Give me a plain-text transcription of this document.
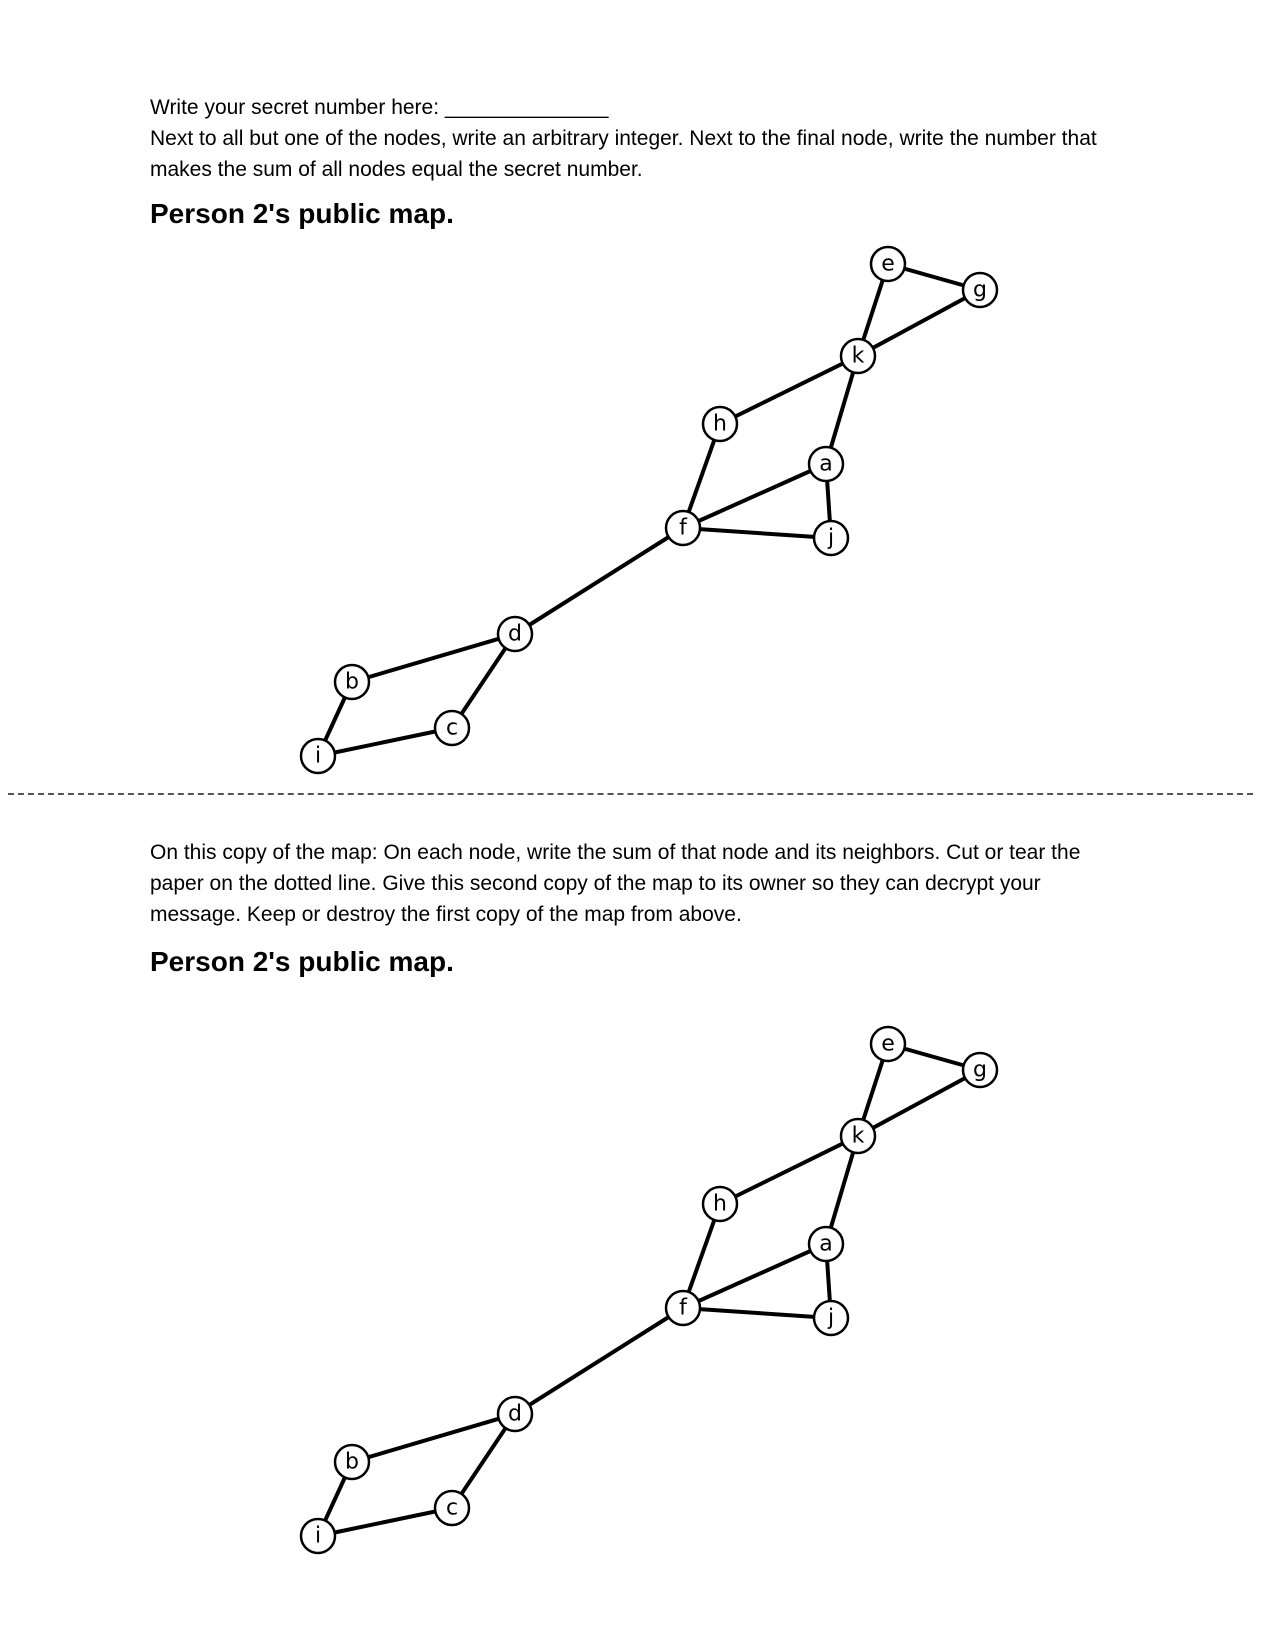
Write your secret number here: ______________

Next to all but one of the nodes, write an arbitrary integer. Next to the final node, write the number that makes the sum of all nodes equal the secret number.

Person 2's public map.
a
b
c
d
e
f
g
h
i
j
k

On this copy of the map: On each node, write the sum of that node and its neighbors. Cut or tear the paper on the dotted line. Give this second copy of the map to its owner so they can decrypt your message. Keep or destroy the first copy of the map from above.

Person 2's public map.
a
b
c
d
e
f
g
h
i
j
k
